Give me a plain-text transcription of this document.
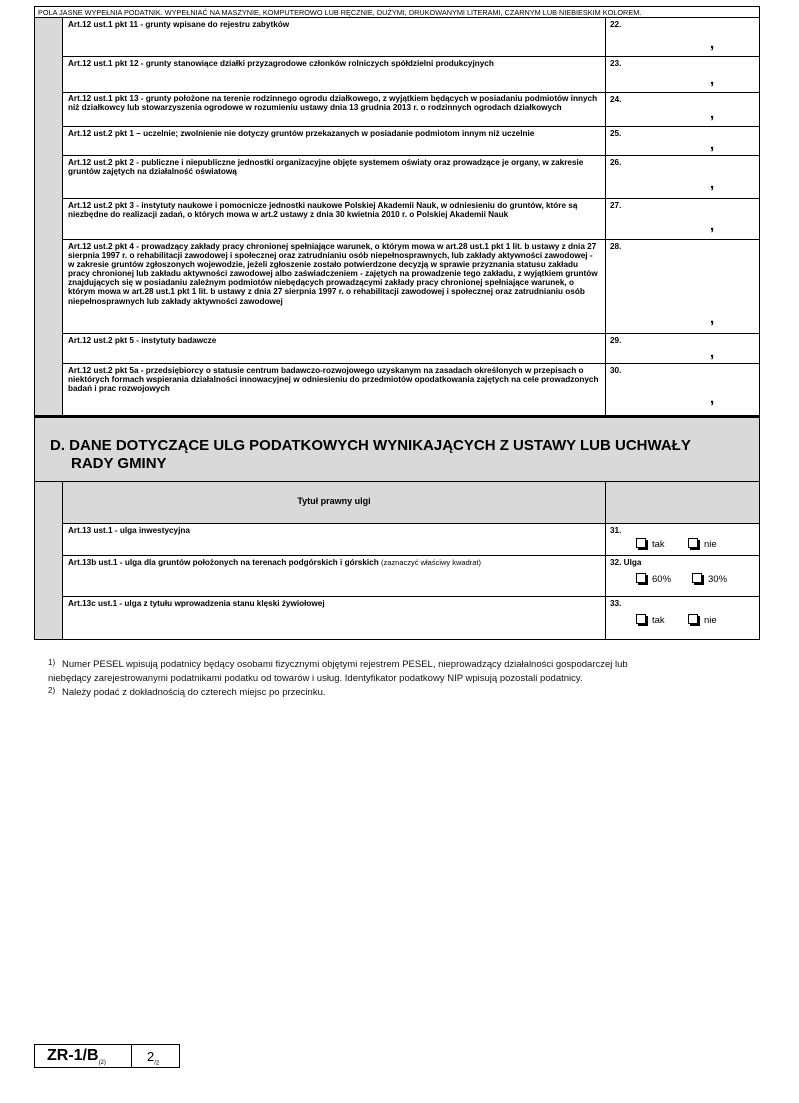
POLA JASNE WYPEŁNIA PODATNIK. WYPEŁNIAĆ NA MASZYNIE, KOMPUTEROWO LUB RĘCZNIE, DUŻYMI, DRUKOWANYMI LITERAMI, CZARNYM LUB NIEBIESKIM KOLOREM.
Art.12 ust.1 pkt 11 - grunty wpisane do rejestru zabytków	22.
,
Art.12 ust.1 pkt 12 - grunty stanowiące działki przyzagrodowe członków rolniczych spółdzielni produkcyjnych	23.
,
Art.12 ust.1 pkt 13 - grunty położone na terenie rodzinnego ogrodu działkowego, z wyjątkiem będących w posiadaniu podmiotów innych niż działkowcy lub stowarzyszenia ogrodowe w rozumieniu ustawy dnia 13 grudnia 2013 r. o rodzinnych ogrodach działkowych
24.
,
Art.12 ust.2 pkt 1 – uczelnie; zwolnienie nie dotyczy gruntów przekazanych w posiadanie podmiotom innym niż uczelnie	25.
,
Art.12 ust.2 pkt 2 - publiczne i niepubliczne jednostki organizacyjne objęte systemem oświaty oraz prowadzące je organy, w zakresie gruntów zajętych na działalność oświatową
26.
,
Art.12 ust.2 pkt 3 - instytuty naukowe i pomocnicze jednostki naukowe Polskiej Akademii Nauk, w odniesieniu do gruntów, które są niezbędne do realizacji zadań, o których mowa w art.2 ustawy z dnia 30 kwietnia 2010 r. o Polskiej Akademii Nauk
27.
,
Art.12 ust.2 pkt 4 - prowadzący zakłady pracy chronionej spełniające warunek, o którym mowa w art.28 ust.1 pkt 1 lit. b ustawy z dnia 27 sierpnia 1997 r. o rehabilitacji zawodowej i społecznej oraz zatrudnianiu osób niepełnosprawnych, lub zakłady aktywności zawodowej - w zakresie gruntów zgłoszonych wojewodzie, jeżeli zgłoszenie zostało potwierdzone decyzją w sprawie przyznania statusu zakładu pracy chronionej lub zakładu aktywności zawodowej albo zaświadczeniem - zajętych na prowadzenie tego zakładu, z wyjątkiem gruntów znajdujących się w posiadaniu zależnym podmiotów niebędących prowadzącymi zakłady pracy chronionej spełniające warunek, o którym mowa w art.28 ust.1 pkt 1 lit. b ustawy z dnia 27 sierpnia 1997 r. o rehabilitacji zawodowej i społecznej oraz zatrudnianiu osób niepełnosprawnych lub zakłady aktywności zawodowej
28.
,
Art.12 ust.2 pkt 5 - instytuty badawcze	29.
,
Art.12 ust.2 pkt 5a - przedsiębiorcy o statusie centrum badawczo-rozwojowego uzyskanym na zasadach określonych w przepisach o niektórych formach wspierania działalności innowacyjnej w odniesieniu do przedmiotów opodatkowania zajętych na cele prowadzonych badań i prac rozwojowych
30.
,
D. DANE DOTYCZĄCE ULG PODATKOWYCH WYNIKAJĄCYCH Z USTAWY LUB UCHWAŁY
RADY GMINY
Tytuł prawny ulgi
Art.13 ust.1 - ulga inwestycyjna	31.
tak	nie
Art.13b ust.1 - ulga dla gruntów położonych na terenach podgórskich i górskich (zaznaczyć właściwy kwadrat)	32. Ulga
60%	30%
Art.13c ust.1 - ulga z tytułu wprowadzenia stanu klęski żywiołowej	33.
tak	nie
1) Numer PESEL wpisują podatnicy będący osobami fizycznymi objętymi rejestrem PESEL, nieprowadzący działalności gospodarczej lub
niebędący zarejestrowanymi podatnikami podatku od towarów i usług. Identyfikator podatkowy NIP wpisują pozostali podatnicy.
2) Należy podać z dokładnością do czterech miejsc po przecinku.
$ZR-1/B_{(2)}$	$2_{/2}$
